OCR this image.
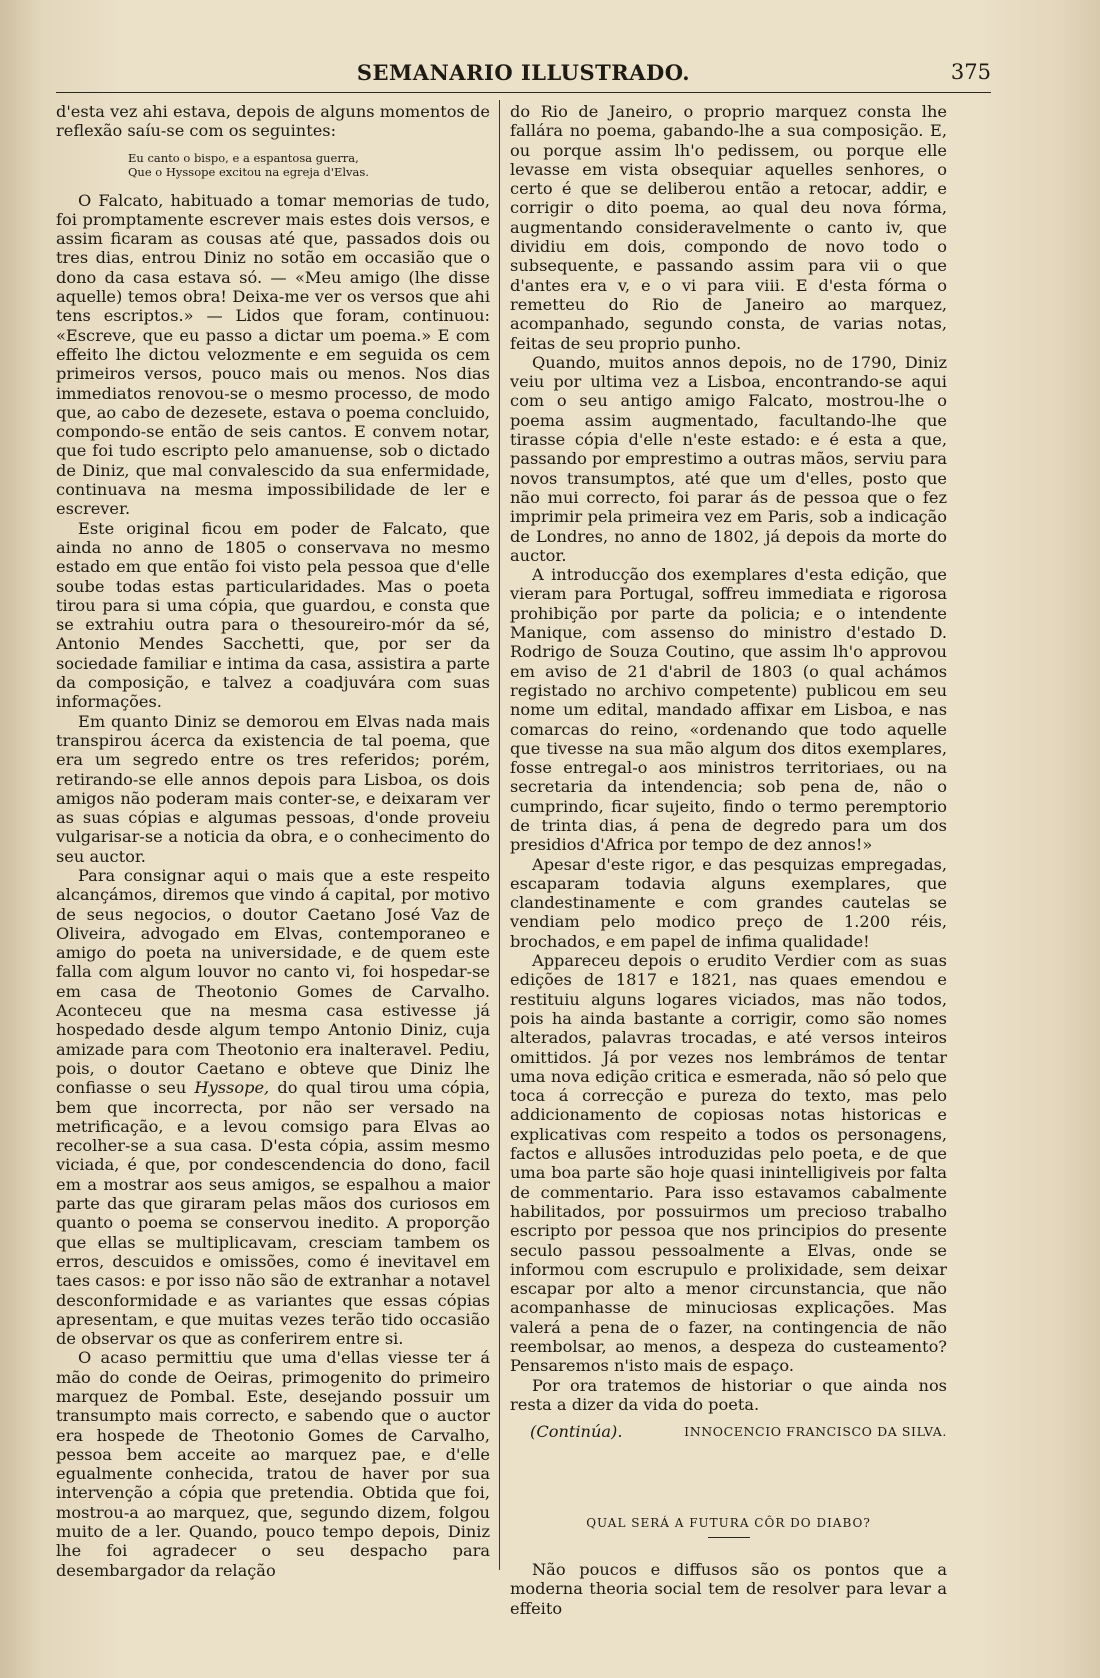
SEMANARIO ILLUSTRADO.	375

d'esta vez ahi estava, depois de alguns momentos de reflexão saíu-se com os seguintes:

Eu canto o bispo, e a espantosa guerra,
Que o Hyssope excitou na egreja d'Elvas.

O Falcato, habituado a tomar memorias de tudo, foi promptamente escrever mais estes dois versos, e assim ficaram as cousas até que, passados dois ou tres dias, entrou Diniz no sotão em occasião que o dono da casa estava só. — «Meu amigo (lhe disse aquelle) temos obra! Deixa-me ver os versos que ahi tens escriptos.» — Lidos que foram, continuou: «Escreve, que eu passo a dictar um poema.» E com effeito lhe dictou velozmente e em seguida os cem primeiros versos, pouco mais ou menos. Nos dias immediatos renovou-se o mesmo processo, de modo que, ao cabo de dezesete, estava o poema concluido, compondo-se então de seis cantos. E convem notar, que foi tudo escripto pelo amanuense, sob o dictado de Diniz, que mal convalescido da sua enfermidade, continuava na mesma impossibilidade de ler e escrever.

Este original ficou em poder de Falcato, que ainda no anno de 1805 o conservava no mesmo estado em que então foi visto pela pessoa que d'elle soube todas estas particularidades. Mas o poeta tirou para si uma cópia, que guardou, e consta que se extrahiu outra para o thesoureiro-mór da sé, Antonio Mendes Sacchetti, que, por ser da sociedade familiar e intima da casa, assistira a parte da composição, e talvez a coadjuvára com suas informações.

Em quanto Diniz se demorou em Elvas nada mais transpirou ácerca da existencia de tal poema, que era um segredo entre os tres referidos; porém, retirando-se elle annos depois para Lisboa, os dois amigos não poderam mais conter-se, e deixaram ver as suas cópias e algumas pessoas, d'onde proveiu vulgarisar-se a noticia da obra, e o conhecimento do seu auctor.

Para consignar aqui o mais que a este respeito alcançámos, diremos que vindo á capital, por motivo de seus negocios, o doutor Caetano José Vaz de Oliveira, advogado em Elvas, contemporaneo e amigo do poeta na universidade, e de quem este falla com algum louvor no canto vi, foi hospedar-se em casa de Theotonio Gomes de Carvalho. Aconteceu que na mesma casa estivesse já hospedado desde algum tempo Antonio Diniz, cuja amizade para com Theotonio era inalteravel. Pediu, pois, o doutor Caetano e obteve que Diniz lhe confiasse o seu Hyssope, do qual tirou uma cópia, bem que incorrecta, por não ser versado na metrificação, e a levou comsigo para Elvas ao recolher-se a sua casa. D'esta cópia, assim mesmo viciada, é que, por condescendencia do dono, facil em a mostrar aos seus amigos, se espalhou a maior parte das que giraram pelas mãos dos curiosos em quanto o poema se conservou inedito. A proporção que ellas se multiplicavam, cresciam tambem os erros, descuidos e omissões, como é inevitavel em taes casos: e por isso não são de extranhar a notavel desconformidade e as variantes que essas cópias apresentam, e que muitas vezes terão tido occasião de observar os que as conferirem entre si.

O acaso permittiu que uma d'ellas viesse ter á mão do conde de Oeiras, primogenito do primeiro marquez de Pombal. Este, desejando possuir um transumpto mais correcto, e sabendo que o auctor era hospede de Theotonio Gomes de Carvalho, pessoa bem acceite ao marquez pae, e d'elle egualmente conhecida, tratou de haver por sua intervenção a cópia que pretendia. Obtida que foi, mostrou-a ao marquez, que, segundo dizem, folgou muito de a ler. Quando, pouco tempo depois, Diniz lhe foi agradecer o seu despacho para desembargador da relação

do Rio de Janeiro, o proprio marquez consta lhe fallára no poema, gabando-lhe a sua composição. E, ou porque assim lh'o pedissem, ou porque elle levasse em vista obsequiar aquelles senhores, o certo é que se deliberou então a retocar, addir, e corrigir o dito poema, ao qual deu nova fórma, augmentando consideravelmente o canto iv, que dividiu em dois, compondo de novo todo o subsequente, e passando assim para vii o que d'antes era v, e o vi para viii. E d'esta fórma o remetteu do Rio de Janeiro ao marquez, acompanhado, segundo consta, de varias notas, feitas de seu proprio punho.

Quando, muitos annos depois, no de 1790, Diniz veiu por ultima vez a Lisboa, encontrando-se aqui com o seu antigo amigo Falcato, mostrou-lhe o poema assim augmentado, facultando-lhe que tirasse cópia d'elle n'este estado: e é esta a que, passando por emprestimo a outras mãos, serviu para novos transumptos, até que um d'elles, posto que não mui correcto, foi parar ás de pessoa que o fez imprimir pela primeira vez em Paris, sob a indicação de Londres, no anno de 1802, já depois da morte do auctor.

A introducção dos exemplares d'esta edição, que vieram para Portugal, soffreu immediata e rigorosa prohibição por parte da policia; e o intendente Manique, com assenso do ministro d'estado D. Rodrigo de Souza Coutino, que assim lh'o approvou em aviso de 21 d'abril de 1803 (o qual achámos registado no archivo competente) publicou em seu nome um edital, mandado affixar em Lisboa, e nas comarcas do reino, «ordenando que todo aquelle que tivesse na sua mão algum dos ditos exemplares, fosse entregal-o aos ministros territoriaes, ou na secretaria da intendencia; sob pena de, não o cumprindo, ficar sujeito, findo o termo peremptorio de trinta dias, á pena de degredo para um dos presidios d'Africa por tempo de dez annos!»

Apesar d'este rigor, e das pesquizas empregadas, escaparam todavia alguns exemplares, que clandestinamente e com grandes cautelas se vendiam pelo modico preço de 1.200 réis, brochados, e em papel de infima qualidade!

Appareceu depois o erudito Verdier com as suas edições de 1817 e 1821, nas quaes emendou e restituiu alguns logares viciados, mas não todos, pois ha ainda bastante a corrigir, como são nomes alterados, palavras trocadas, e até versos inteiros omittidos. Já por vezes nos lembrámos de tentar uma nova edição critica e esmerada, não só pelo que toca á correcção e pureza do texto, mas pelo addicionamento de copiosas notas historicas e explicativas com respeito a todos os personagens, factos e allusões introduzidas pelo poeta, e de que uma boa parte são hoje quasi inintelligiveis por falta de commentario. Para isso estavamos cabalmente habilitados, por possuirmos um precioso trabalho escripto por pessoa que nos principios do presente seculo passou pessoalmente a Elvas, onde se informou com escrupulo e prolixidade, sem deixar escapar por alto a menor circunstancia, que não acompanhasse de minuciosas explicações. Mas valerá a pena de o fazer, na contingencia de não reembolsar, ao menos, a despeza do custeamento? Pensaremos n'isto mais de espaço.

Por ora tratemos de historiar o que ainda nos resta a dizer da vida do poeta.

(Continúa).	INNOCENCIO FRANCISCO DA SILVA.
QUAL SERÁ A FUTURA CÔR DO DIABO?

Não poucos e diffusos são os pontos que a moderna theoria social tem de resolver para levar a effeito
